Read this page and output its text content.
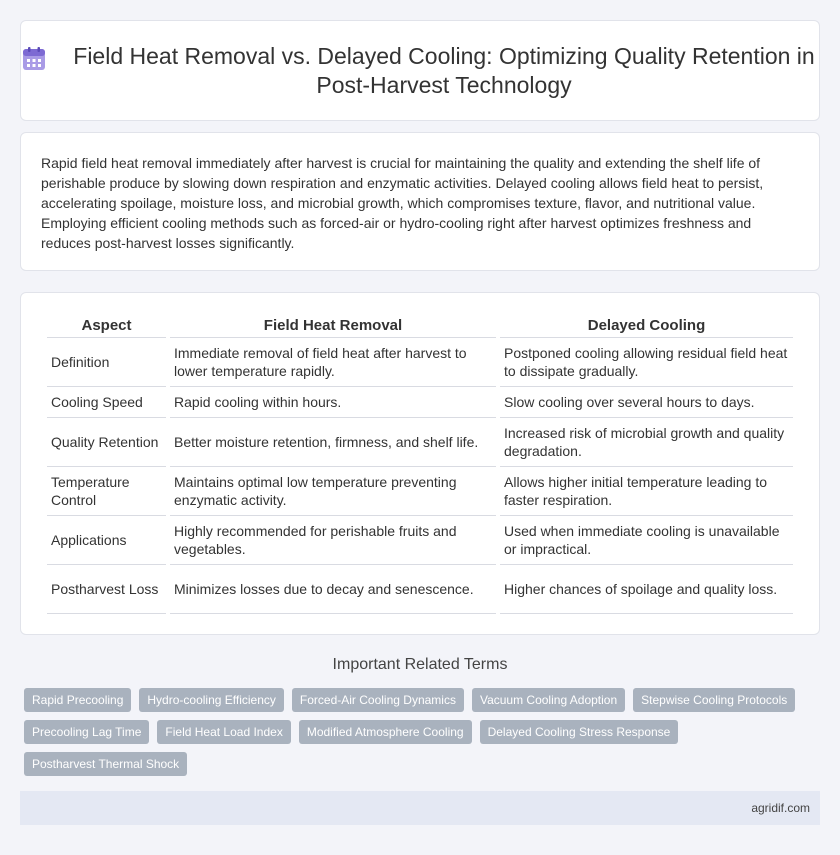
Field Heat Removal vs. Delayed Cooling: Optimizing Quality Retention in Post-Harvest Technology

Rapid field heat removal immediately after harvest is crucial for maintaining the quality and extending the shelf life of perishable produce by slowing down respiration and enzymatic activities. Delayed cooling allows field heat to persist, accelerating spoilage, moisture loss, and microbial growth, which compromises texture, flavor, and nutritional value. Employing efficient cooling methods such as forced-air or hydro-cooling right after harvest optimizes freshness and reduces post-harvest losses significantly.

Aspect	Field Heat Removal	Delayed Cooling
Definition	Immediate removal of field heat after harvest to lower temperature rapidly.	Postponed cooling allowing residual field heat to dissipate gradually.
Cooling Speed	Rapid cooling within hours.	Slow cooling over several hours to days.
Quality Retention	Better moisture retention, firmness, and shelf life.	Increased risk of microbial growth and quality degradation.
Temperature Control	Maintains optimal low temperature preventing enzymatic activity.	Allows higher initial temperature leading to faster respiration.
Applications	Highly recommended for perishable fruits and vegetables.	Used when immediate cooling is unavailable or impractical.
Postharvest Loss	Minimizes losses due to decay and senescence.	Higher chances of spoilage and quality loss.
Important Related Terms
Rapid Precooling	Hydro-cooling Efficiency	Forced-Air Cooling Dynamics	Vacuum Cooling Adoption	Stepwise Cooling Protocols
Precooling Lag Time	Field Heat Load Index	Modified Atmosphere Cooling	Delayed Cooling Stress Response
Postharvest Thermal Shock
agridif.com
